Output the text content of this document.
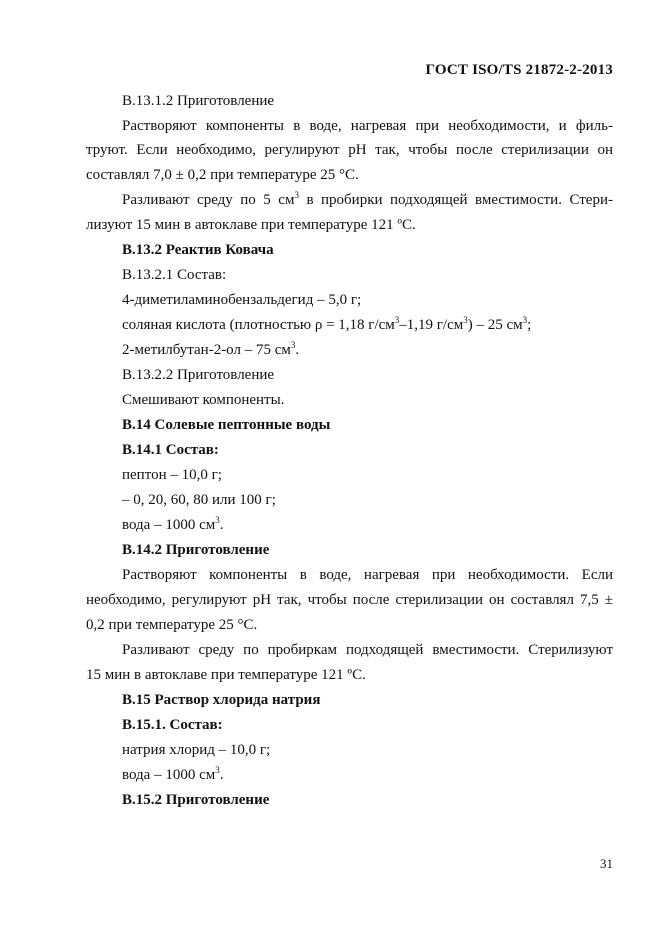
ГОСТ ISO/TS 21872-2-2013
В.13.1.2 Приготовление
Растворяют компоненты в воде, нагревая при необходимости, и филь-
труют. Если необходимо, регулируют pH так, чтобы после стерилизации он
составлял 7,0 ± 0,2 при температуре 25 °С.
Разливают среду по 5 $см^3$ в пробирки подходящей вместимости. Стери-
лизуют 15 мин в автоклаве при температуре 121 ºС.
В.13.2 Реактив Ковача
В.13.2.1 Состав:
4-диметиламинобензальдегид – 5,0 г;
соляная кислота (плотностью ρ = 1,18 $г/см^3-1,19$ $г/см^3) - 25$ $см^3$;
2-метилбутан-2-ол – 75 $см^3$.
В.13.2.2 Приготовление
Смешивают компоненты.
В.14 Солевые пептонные воды
В.14.1 Состав:
пептон – 10,0 г;
– 0, 20, 60, 80 или 100 г;
вода – 1000 $см^3$.
В.14.2 Приготовление
Растворяют компоненты в воде, нагревая при необходимости. Если
необходимо, регулируют pH так, чтобы после стерилизации он составлял 7,5 ±
0,2 при температуре 25 °С.
Разливают среду по пробиркам подходящей вместимости. Стерилизуют
15 мин в автоклаве при температуре 121 ºС.
В.15 Раствор хлорида натрия
В.15.1. Состав:
натрия хлорид – 10,0 г;
вода – 1000 $см^3$.
В.15.2 Приготовление
31
